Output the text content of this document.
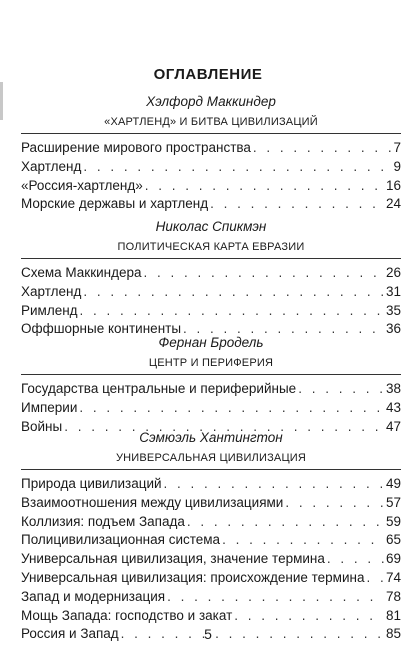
ОГЛАВЛЕНИЕ
Хэлфорд Маккиндер
«ХАРТЛЕНД» И БИТВА ЦИВИЛИЗАЦИЙ
Расширение мирового пространства . . .	7
Хартленд . . .	9
«Россия-хартленд» . . .	16
Морские державы и хартленд . . .	24
Николас Спикмэн
ПОЛИТИЧЕСКАЯ КАРТА ЕВРАЗИИ
Схема Маккиндера . . .	26
Хартленд . . .	31
Римленд . . .	35
Оффшорные континенты . . .	36
Фернан Бродель
ЦЕНТР И ПЕРИФЕРИЯ
Государства центральные и периферийные . . .	38
Империи . . .	43
Войны . . .	47
Сэмюэль Хантингтон
УНИВЕРСАЛЬНАЯ ЦИВИЛИЗАЦИЯ
Природа цивилизаций . . .	49
Взаимоотношения между цивилизациями . . .	57
Коллизия: подъем Запада . . .	59
Полицивилизационная система . . .	65
Универсальная цивилизация, значение термина . . .	69
Универсальная цивилизация: происхождение термина . . . 74
Запад и модернизация . . .	78
Мощь Запада: господство и закат . . .	81
Россия и Запад . . .	85
5
